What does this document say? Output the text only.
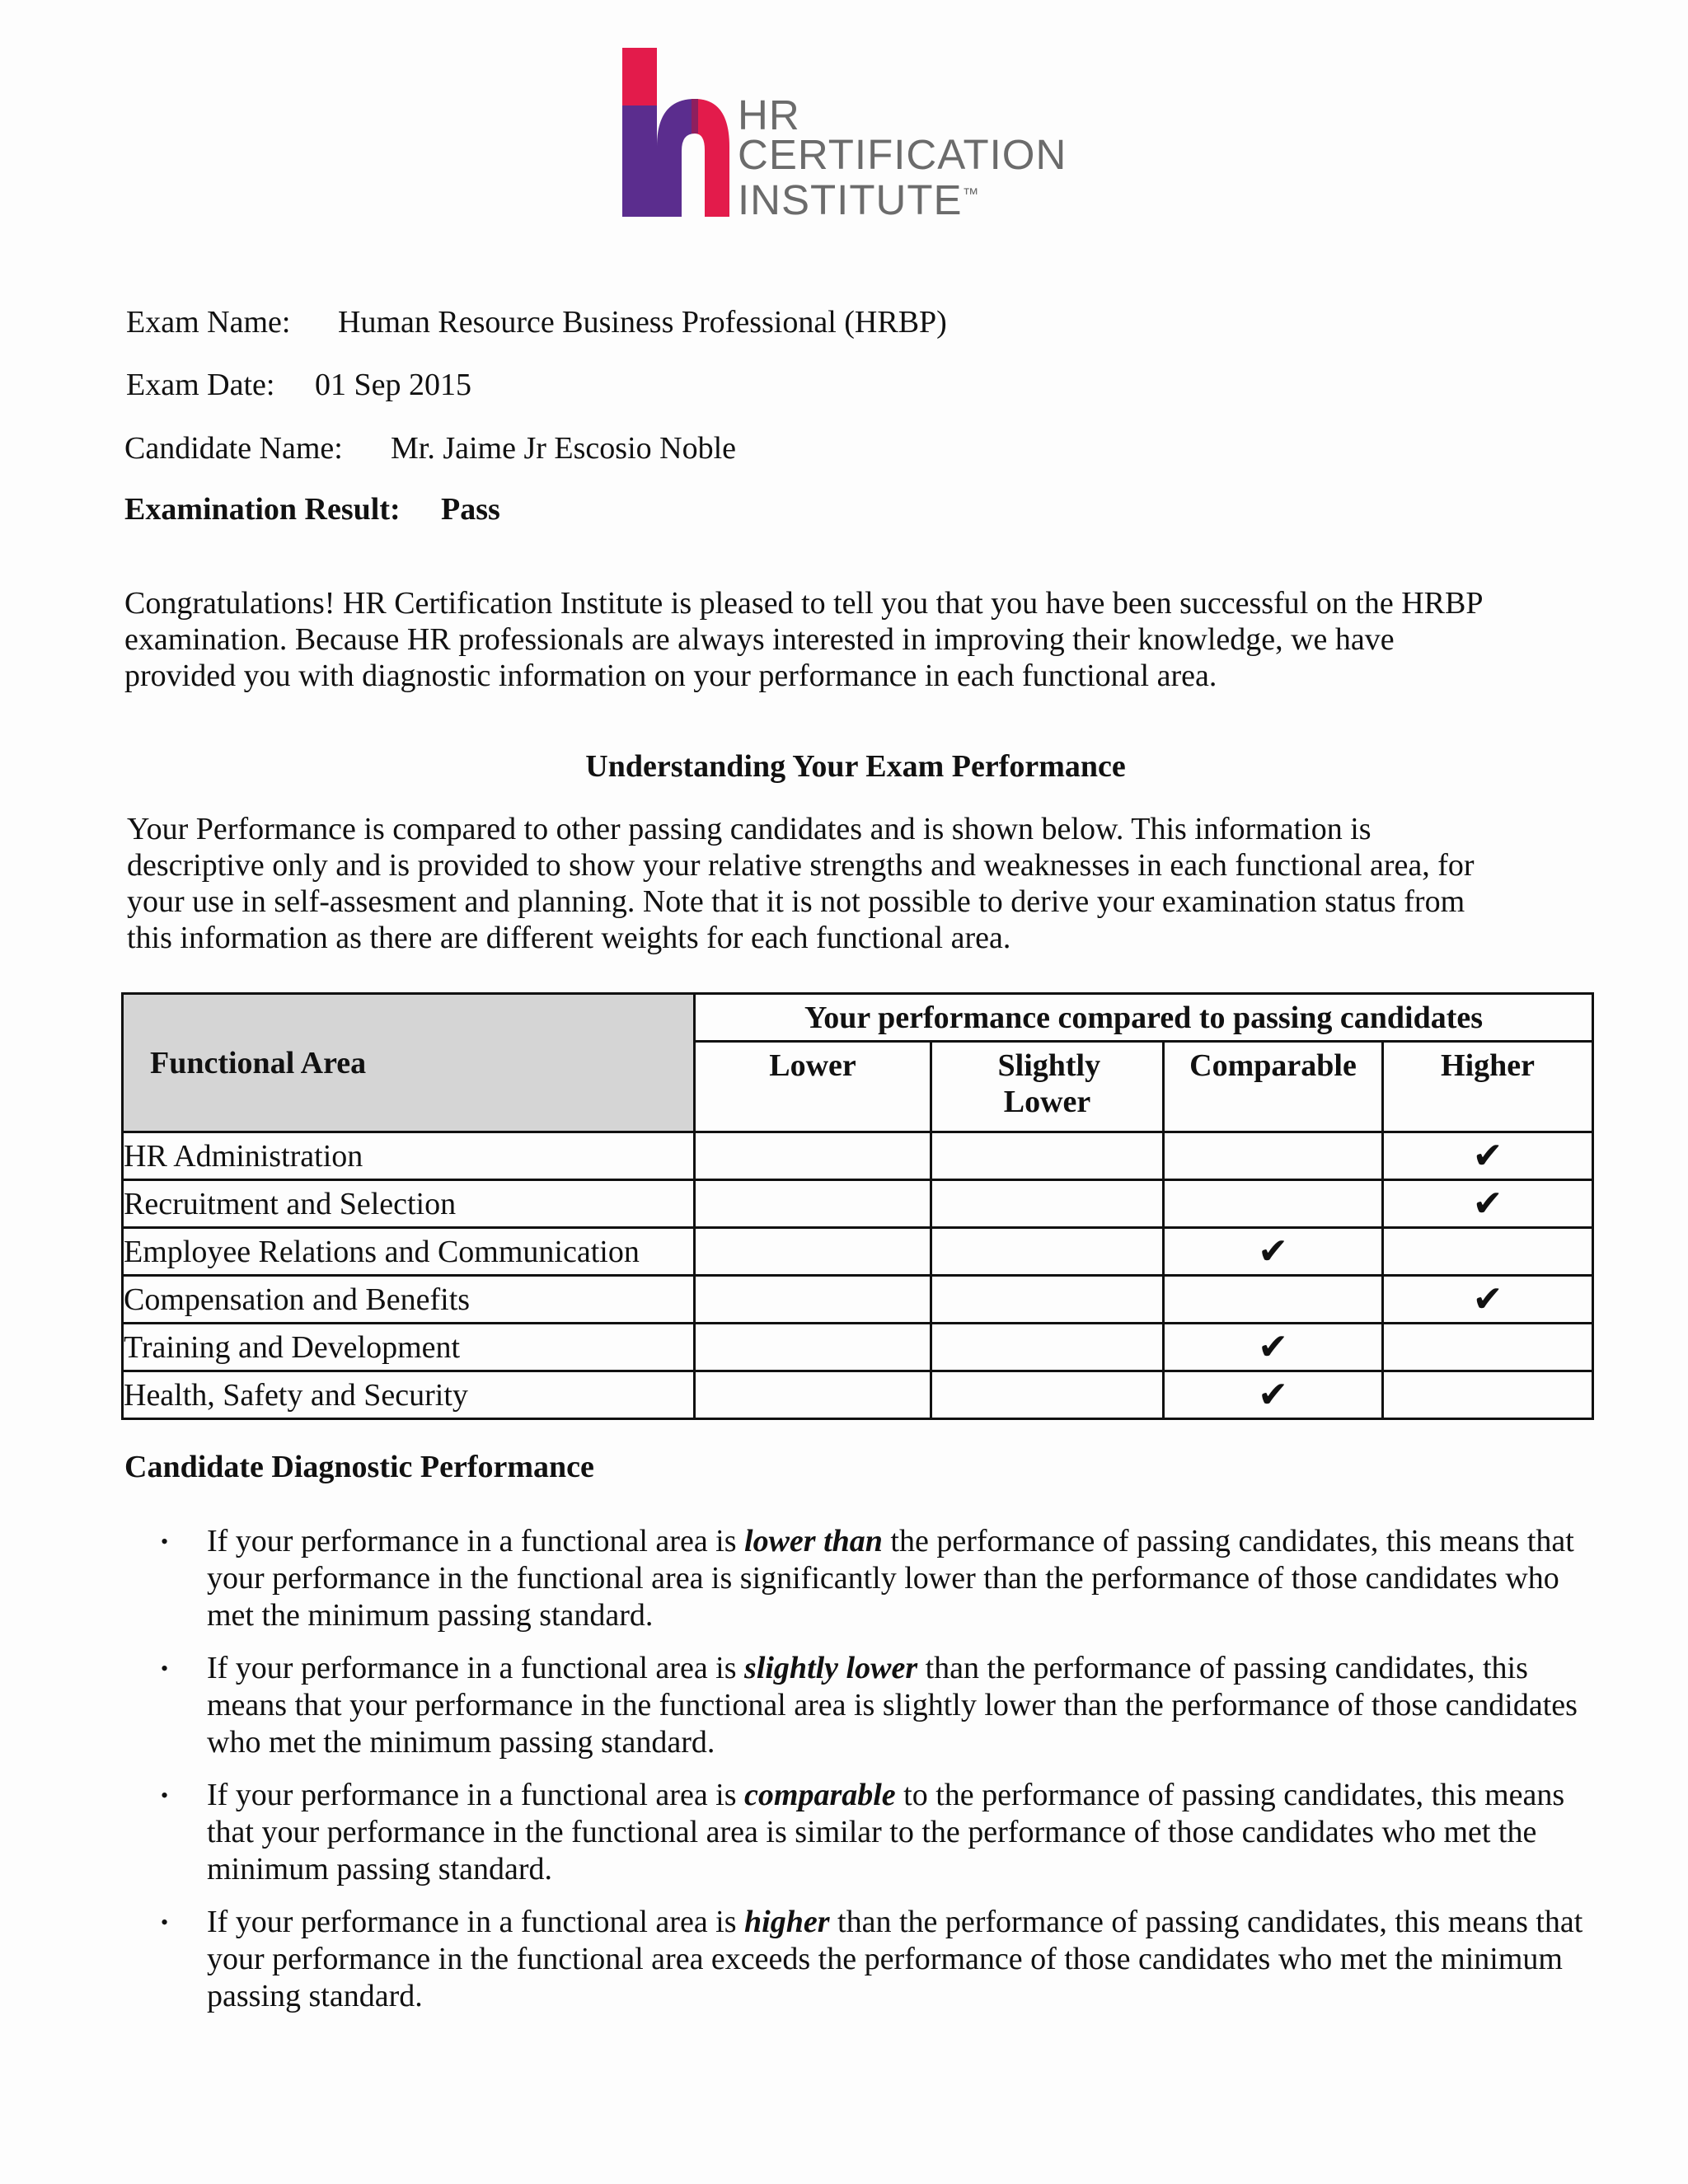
HR
CERTIFICATION
INSTITUTE™
Exam Name: Human Resource Business Professional (HRBP)
Exam Date: 01 Sep 2015
Candidate Name: Mr. Jaime Jr Escosio Noble
Examination Result: Pass
Congratulations! HR Certification Institute is pleased to tell you that you have been successful on the HRBP
examination. Because HR professionals are always interested in improving their knowledge, we have
provided you with diagnostic information on your performance in each functional area.
Understanding Your Exam Performance
Your Performance is compared to other passing candidates and is shown below. This information is
descriptive only and is provided to show your relative strengths and weaknesses in each functional area, for
your use in self-assesment and planning. Note that it is not possible to derive your examination status from
this information as there are different weights for each functional area.
Functional Area	Your performance compared to passing candidates			
	Lower	Slightly Lower	Comparable	Higher
HR Administration				✔
Recruitment and Selection				✔
Employee Relations and Communication			✔	
Compensation and Benefits				✔
Training and Development			✔	
Health, Safety and Security			✔	
Candidate Diagnostic Performance
• If your performance in a functional area is lower than the performance of passing candidates, this means that your performance in the functional area is significantly lower than the performance of those candidates who met the minimum passing standard.
• If your performance in a functional area is slightly lower than the performance of passing candidates, this means that your performance in the functional area is slightly lower than the performance of those candidates who met the minimum passing standard.
• If your performance in a functional area is comparable to the performance of passing candidates, this means that your performance in the functional area is similar to the performance of those candidates who met the minimum passing standard.
• If your performance in a functional area is higher than the performance of passing candidates, this means that your performance in the functional area exceeds the performance of those candidates who met the minimum passing standard.
